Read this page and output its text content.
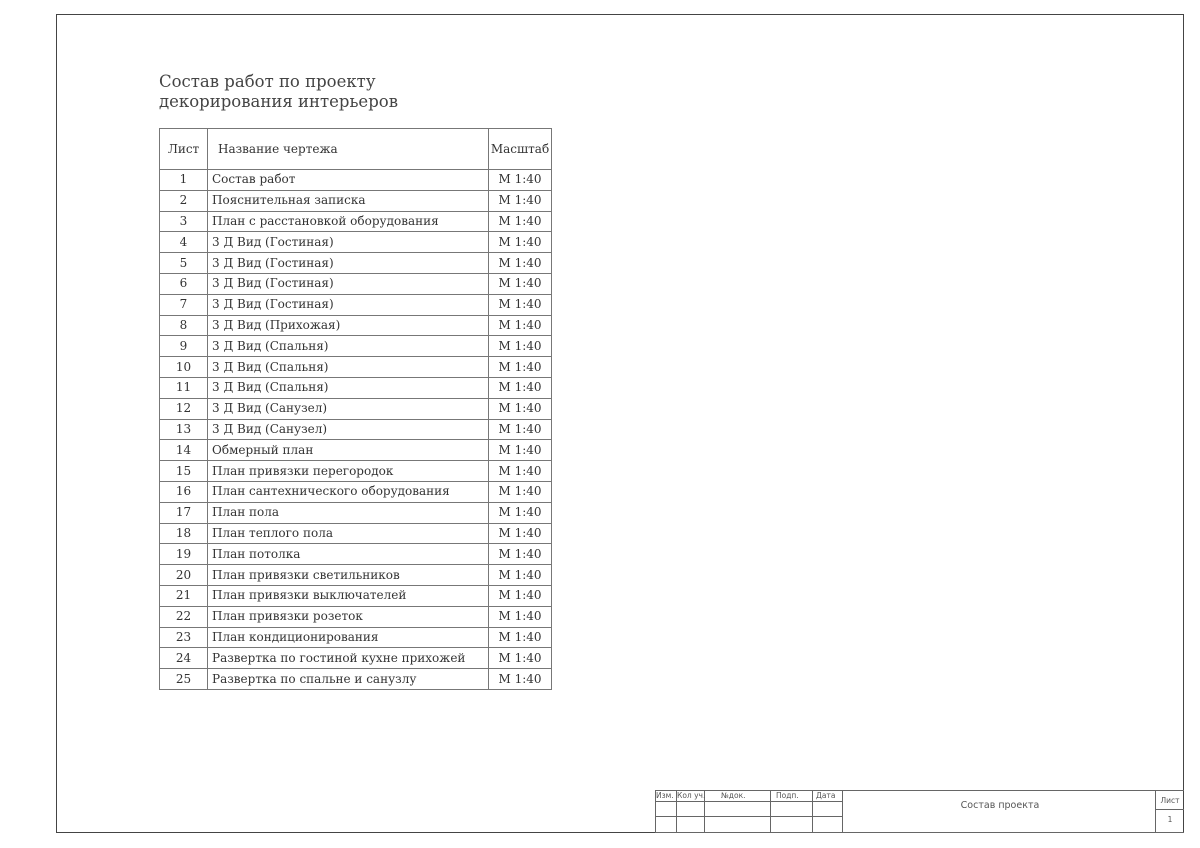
Состав работ по проекту
декорирования интерьеров
Лист	Название чертежа	Масштаб
1	Состав работ	М 1:40
2	Пояснительная записка	М 1:40
3	План с расстановкой оборудования	М 1:40
4	3 Д Вид (Гостиная)	М 1:40
5	3 Д Вид (Гостиная)	М 1:40
6	3 Д Вид (Гостиная)	М 1:40
7	3 Д Вид (Гостиная)	М 1:40
8	3 Д Вид (Прихожая)	М 1:40
9	3 Д Вид (Спальня)	М 1:40
10	3 Д Вид (Спальня)	М 1:40
11	3 Д Вид (Спальня)	М 1:40
12	3 Д Вид (Санузел)	М 1:40
13	3 Д Вид (Санузел)	М 1:40
14	Обмерный план	М 1:40
15	План привязки перегородок	М 1:40
16	План сантехнического оборудования	М 1:40
17	План пола	М 1:40
18	План теплого пола	М 1:40
19	План потолка	М 1:40
20	План привязки светильников	М 1:40
21	План привязки выключателей	М 1:40
22	План привязки розеток	М 1:40
23	План кондиционирования	М 1:40
24	Развертка по гостиной кухне прихожей	М 1:40
25	Развертка по спальне и санузлу	М 1:40
Изм. Кол уч. №док.	Подп. Дата
Состав проекта	Лист
1
